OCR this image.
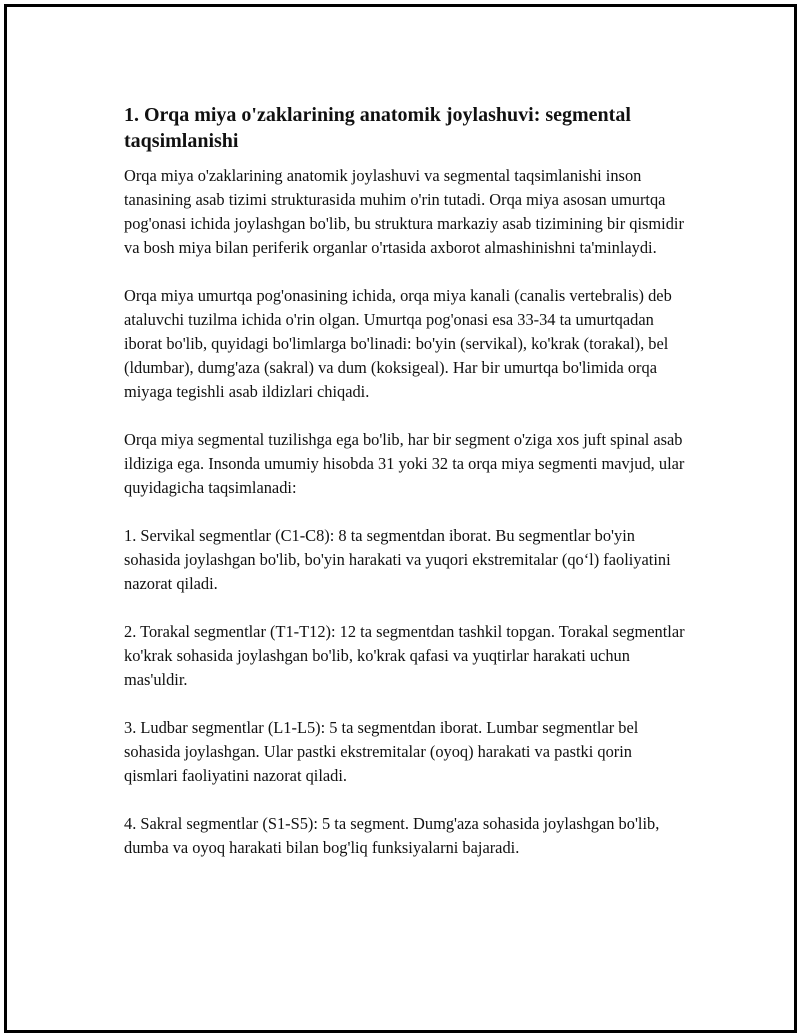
1. Orqa miya o'zaklarining anatomik joylashuvi: segmental taqsimlanishi

Orqa miya o'zaklarining anatomik joylashuvi va segmental taqsimlanishi inson tanasining asab tizimi strukturasida muhim o'rin tutadi. Orqa miya asosan umurtqa pog'onasi ichida joylashgan bo'lib, bu struktura markaziy asab tizimining bir qismidir va bosh miya bilan periferik organlar o'rtasida axborot almashinishni ta'minlaydi.

Orqa miya umurtqa pog'onasining ichida, orqa miya kanali (canalis vertebralis) deb ataluvchi tuzilma ichida o'rin olgan. Umurtqa pog'onasi esa 33-34 ta umurtqadan iborat bo'lib, quyidagi bo'limlarga bo'linadi: bo'yin (servikal), ko'krak (torakal), bel (ldumbar), dumg'aza (sakral) va dum (koksigeal). Har bir umurtqa bo'limida orqa miyaga tegishli asab ildizlari chiqadi.

Orqa miya segmental tuzilishga ega bo'lib, har bir segment o'ziga xos juft spinal asab ildiziga ega. Insonda umumiy hisobda 31 yoki 32 ta orqa miya segmenti mavjud, ular quyidagicha taqsimlanadi:

1. Servikal segmentlar (C1-C8): 8 ta segmentdan iborat. Bu segmentlar bo'yin sohasida joylashgan bo'lib, bo'yin harakati va yuqori ekstremitalar (qo‘l) faoliyatini nazorat qiladi.

2. Torakal segmentlar (T1-T12): 12 ta segmentdan tashkil topgan. Torakal segmentlar ko'krak sohasida joylashgan bo'lib, ko'krak qafasi va yuqtirlar harakati uchun mas'uldir.

3. Ludbar segmentlar (L1-L5): 5 ta segmentdan iborat. Lumbar segmentlar bel sohasida joylashgan. Ular pastki ekstremitalar (oyoq) harakati va pastki qorin qismlari faoliyatini nazorat qiladi.

4. Sakral segmentlar (S1-S5): 5 ta segment. Dumg'aza sohasida joylashgan bo'lib, dumba va oyoq harakati bilan bog'liq funksiyalarni bajaradi.
